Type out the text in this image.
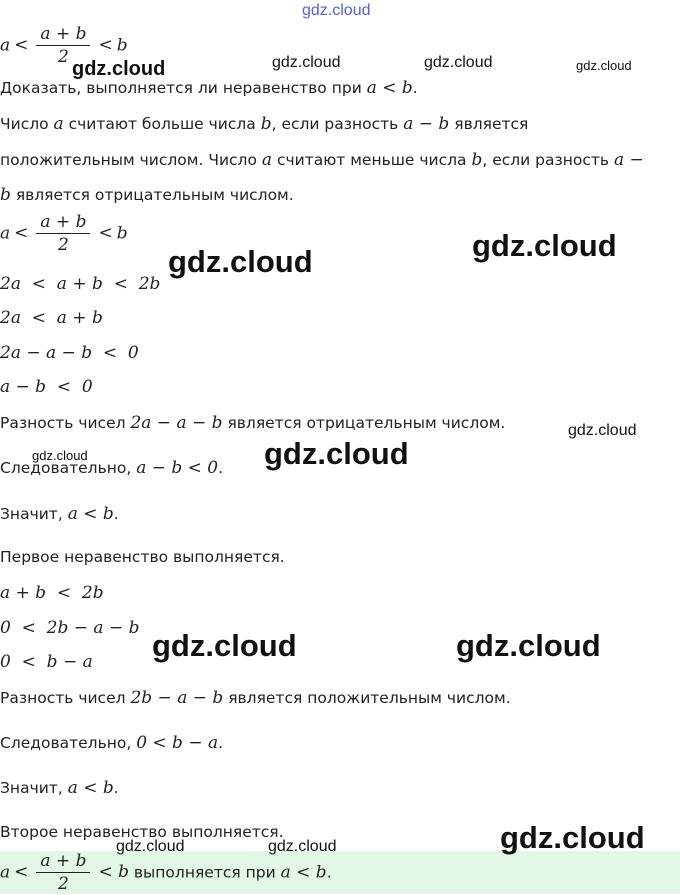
gdz.cloud
$a < \frac{a + b}{2} < b$
Доказать, выполняется ли неравенство при a < b.
Число a считают больше числа b, если разность a − b является
положительным числом. Число a считают меньше числа b, если разность a −
b является отрицательным числом.
$a < \frac{a + b}{2} < b$
2a  <  a + b  <  2b
2a  <  a + b
2a − a − b  <  0
a − b  <  0
Разность чисел 2a − a − b является отрицательным числом.
Следовательно, a − b < 0.
Значит, a < b.
Первое неравенство выполняется.
a + b  <  2b
0  <  2b − a − b
0  <  b − a
Разность чисел 2b − a − b является положительным числом.
Следовательно, 0 < b − a.
Значит, a < b.
Второе неравенство выполняется.
$a < \frac{a + b}{2} < b$ выполняется при a < b.
gdz.cloud	gdz.cloud	gdz.cloud	gdz.cloud
gdz.cloud
gdz.cloud
gdz.cloud
gdz.cloud	gdz.cloud
gdz.cloud	gdz.cloud
gdz.cloud
gdz.cloud	gdz.cloud
